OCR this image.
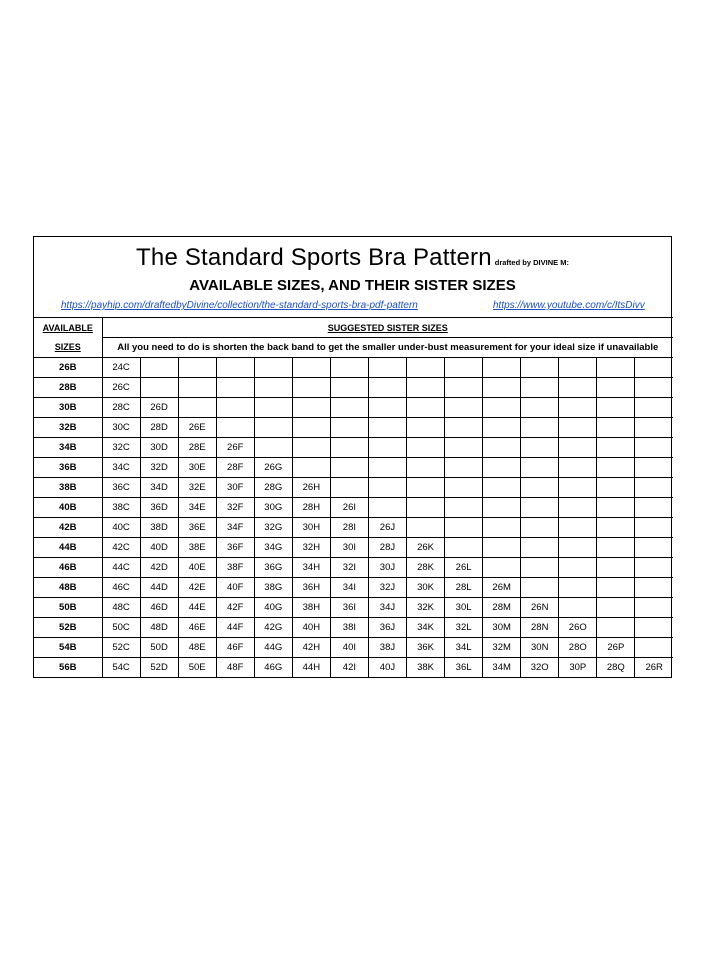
The Standard Sports Bra Pattern drafted by DIVINE M:
AVAILABLE SIZES, AND THEIR SISTER SIZES
https://payhip.com/draftedbyDivine/collection/the-standard-sports-bra-pdf-pattern	https://www.youtube.com/c/ItsDivv
AVAILABLE	SUGGESTED SISTER SIZES														
SIZES	All you need to do is shorten the back band to get the smaller under-bust measurement for your ideal size if unavailable														
26B	24C														
28B	26C														
30B	28C	26D													
32B	30C	28D	26E												
34B	32C	30D	28E	26F											
36B	34C	32D	30E	28F	26G										
38B	36C	34D	32E	30F	28G	26H									
40B	38C	36D	34E	32F	30G	28H	26I								
42B	40C	38D	36E	34F	32G	30H	28I	26J							
44B	42C	40D	38E	36F	34G	32H	30I	28J	26K						
46B	44C	42D	40E	38F	36G	34H	32I	30J	28K	26L					
48B	46C	44D	42E	40F	38G	36H	34I	32J	30K	28L	26M				
50B	48C	46D	44E	42F	40G	38H	36I	34J	32K	30L	28M	26N			
52B	50C	48D	46E	44F	42G	40H	38I	36J	34K	32L	30M	28N	26O		
54B	52C	50D	48E	46F	44G	42H	40I	38J	36K	34L	32M	30N	28O	26P	
56B	54C	52D	50E	48F	46G	44H	42I	40J	38K	36L	34M	32O	30P	28Q	26R
